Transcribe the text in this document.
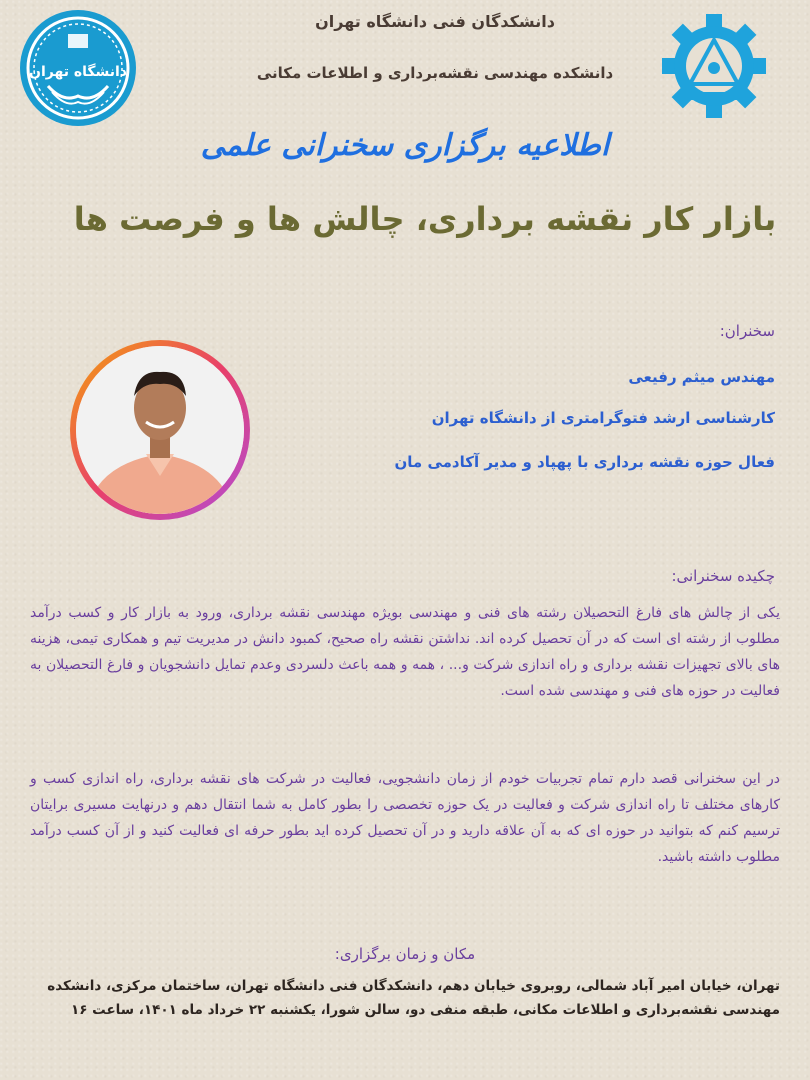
دانشگاه تهران
دانشکدگان فنی دانشگاه تهران
دانشکده مهندسی نقشه‌برداری و اطلاعات مکانی
اطلاعیه برگزاری سخنرانی علمی
بازار کار نقشه برداری، چالش ها و فرصت ها
سخنران:
مهندس میثم رفیعی
کارشناسی ارشد فتوگرامتری از دانشگاه تهران
فعال حوزه نقشه برداری با پهپاد و مدیر آکادمی مان
چکیده سخنرانی:
یکی از چالش های فارغ التحصیلان رشته های فنی و مهندسی بویژه مهندسی نقشه برداری، ورود به بازار کار و کسب درآمد مطلوب از رشته ای است که در آن تحصیل کرده اند. نداشتن نقشه راه صحیح، کمبود دانش در مدیریت تیم و همکاری تیمی، هزینه های بالای تجهیزات نقشه برداری و راه اندازی شرکت و... ، همه و همه باعث دلسردی وعدم تمایل دانشجویان و فارغ التحصیلان به فعالیت در حوزه های فنی و مهندسی شده است.
در این سخنرانی قصد دارم تمام تجربیات خودم از زمان دانشجویی، فعالیت در شرکت های نقشه برداری، راه اندازی کسب و کارهای مختلف تا راه اندازی شرکت و فعالیت در یک حوزه تخصصی را بطور کامل به شما انتقال دهم و درنهایت مسیری برایتان ترسیم کنم که بتوانید در حوزه ای که به آن علاقه دارید و در آن تحصیل کرده اید بطور حرفه ای فعالیت کنید و از آن کسب درآمد مطلوب داشته باشید.
مکان و زمان برگزاری:
تهران، خیابان امیر آباد شمالی، روبروی خیابان دهم، دانشکدگان فنی دانشگاه تهران، ساختمان مرکزی، دانشکده مهندسی نقشه‌برداری و اطلاعات مکانی، طبقه منفی دو، سالن شورا، یکشنبه ۲۲ خرداد ماه ۱۴۰۱، ساعت ۱۶
